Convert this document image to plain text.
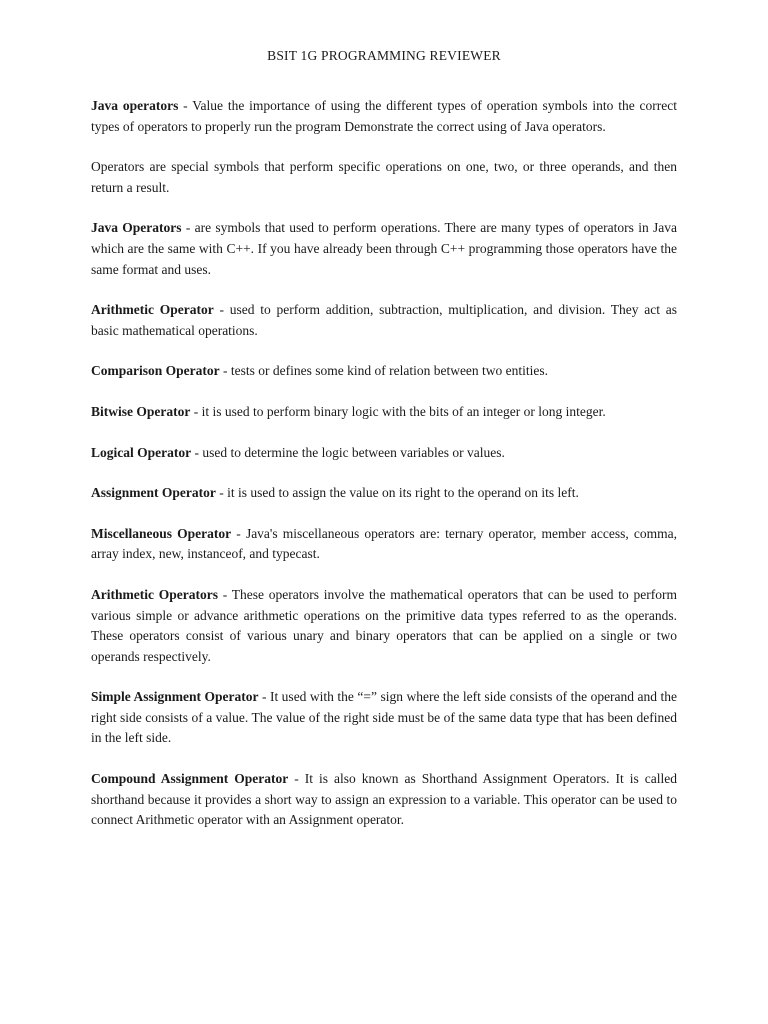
BSIT 1G PROGRAMMING REVIEWER

Java operators - Value the importance of using the different types of operation symbols into the correct types of operators to properly run the program Demonstrate the correct using of Java operators.

Operators are special symbols that perform specific operations on one, two, or three operands, and then return a result.

Java Operators - are symbols that used to perform operations. There are many types of operators in Java which are the same with C++. If you have already been through C++ programming those operators have the same format and uses.

Arithmetic Operator - used to perform addition, subtraction, multiplication, and division. They act as basic mathematical operations.

Comparison Operator - tests or defines some kind of relation between two entities.

Bitwise Operator - it is used to perform binary logic with the bits of an integer or long integer.

Logical Operator - used to determine the logic between variables or values.

Assignment Operator - it is used to assign the value on its right to the operand on its left.

Miscellaneous Operator - Java's miscellaneous operators are: ternary operator, member access, comma, array index, new, instanceof, and typecast.

Arithmetic Operators - These operators involve the mathematical operators that can be used to perform various simple or advance arithmetic operations on the primitive data types referred to as the operands. These operators consist of various unary and binary operators that can be applied on a single or two operands respectively.

Simple Assignment Operator - It used with the “=” sign where the left side consists of the operand and the right side consists of a value. The value of the right side must be of the same data type that has been defined in the left side.

Compound Assignment Operator - It is also known as Shorthand Assignment Operators. It is called shorthand because it provides a short way to assign an expression to a variable. This operator can be used to connect Arithmetic operator with an Assignment operator.
